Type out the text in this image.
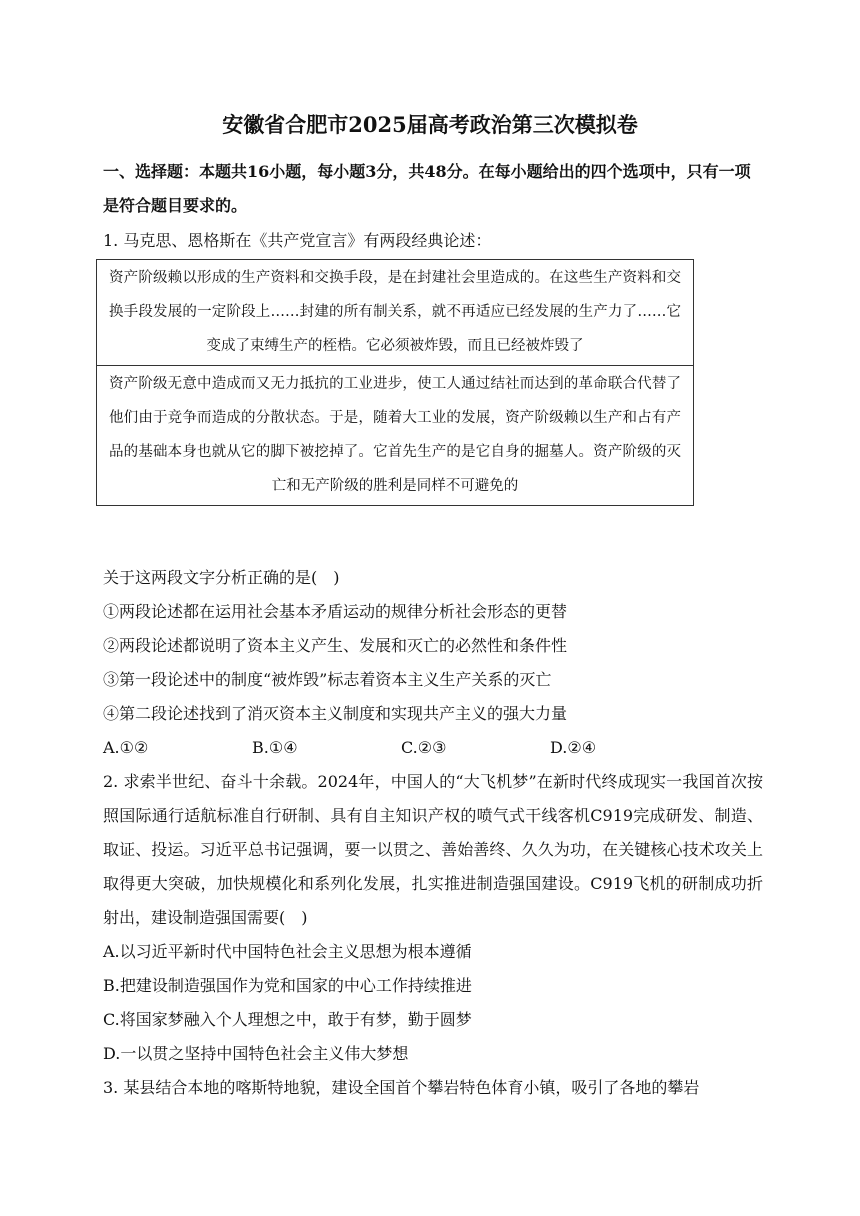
安徽省合肥市2025届高考政治第三次模拟卷
一、选择题：本题共16小题，每小题3分，共48分。在每小题给出的四个选项中，只有一项是符合题目要求的。
1. 马克思、恩格斯在《共产党宣言》有两段经典论述：
资产阶级赖以形成的生产资料和交换手段，是在封建社会里造成的。在这些生产资料和交换手段发展的一定阶段上……封建的所有制关系，就不再适应已经发展的生产力了……它变成了束缚生产的桎梏。它必须被炸毁，而且已经被炸毁了
资产阶级无意中造成而又无力抵抗的工业进步，使工人通过结社而达到的革命联合代替了他们由于竞争而造成的分散状态。于是，随着大工业的发展，资产阶级赖以生产和占有产品的基础本身也就从它的脚下被挖掉了。它首先生产的是它自身的掘墓人。资产阶级的灭亡和无产阶级的胜利是同样不可避免的
关于这两段文字分析正确的是(　)
①两段论述都在运用社会基本矛盾运动的规律分析社会形态的更替
②两段论述都说明了资本主义产生、发展和灭亡的必然性和条件性
③第一段论述中的制度“被炸毁”标志着资本主义生产关系的灭亡
④第二段论述找到了消灭资本主义制度和实现共产主义的强大力量
A.①②	B.①④	C.②③	D.②④
2. 求索半世纪、奋斗十余载。2024年，中国人的“大飞机梦”在新时代终成现实一我国首次按照国际通行适航标准自行研制、具有自主知识产权的喷气式干线客机C919完成研发、制造、取证、投运。习近平总书记强调，要一以贯之、善始善终、久久为功，在关键核心技术攻关上取得更大突破，加快规模化和系列化发展，扎实推进制造强国建设。C919飞机的研制成功折射出，建设制造强国需要(　)
A.以习近平新时代中国特色社会主义思想为根本遵循
B.把建设制造强国作为党和国家的中心工作持续推进
C.将国家梦融入个人理想之中，敢于有梦，勤于圆梦
D.一以贯之坚持中国特色社会主义伟大梦想
3. 某县结合本地的喀斯特地貌，建设全国首个攀岩特色体育小镇，吸引了各地的攀岩
